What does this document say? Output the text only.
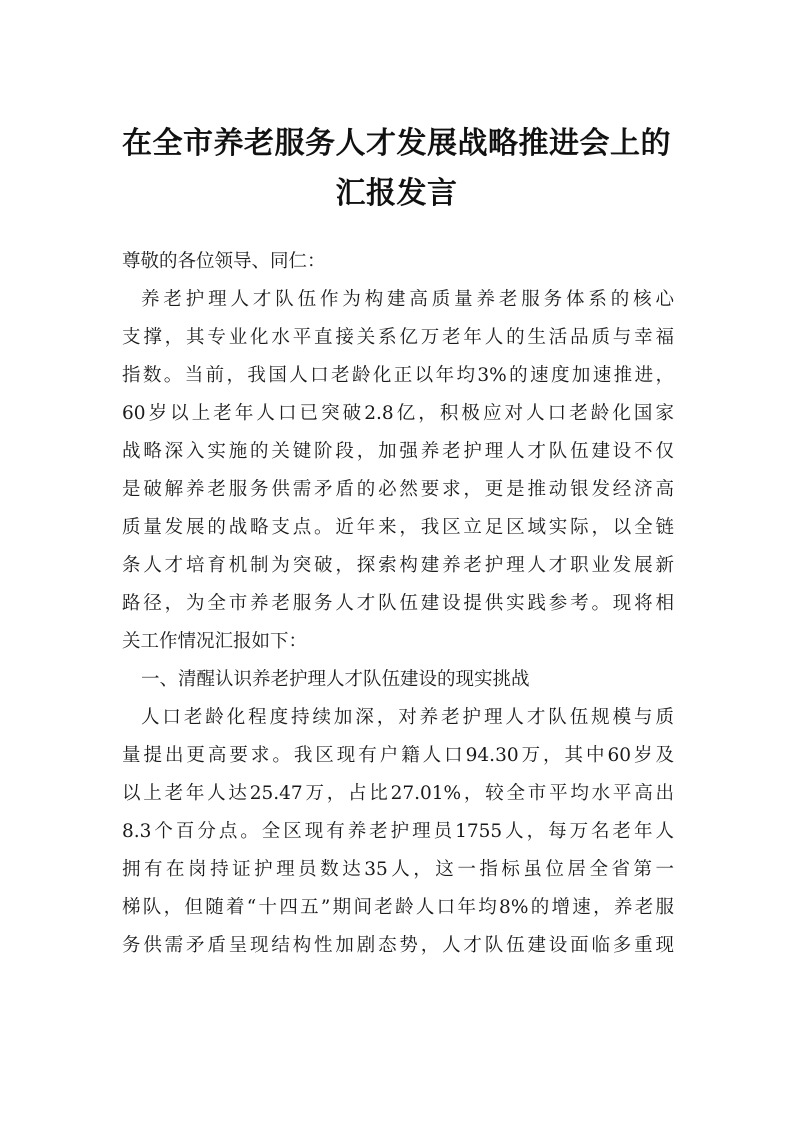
在全市养老服务人才发展战略推进会上的
汇报发言
尊敬的各位领导、同仁：
养老护理人才队伍作为构建高质量养老服务体系的核心
支撑，其专业化水平直接关系亿万老年人的生活品质与幸福
指数。当前，我国人口老龄化正以年均3%的速度加速推进，
60岁以上老年人口已突破2.8亿，积极应对人口老龄化国家
战略深入实施的关键阶段，加强养老护理人才队伍建设不仅
是破解养老服务供需矛盾的必然要求，更是推动银发经济高
质量发展的战略支点。近年来，我区立足区域实际，以全链
条人才培育机制为突破，探索构建养老护理人才职业发展新
路径，为全市养老服务人才队伍建设提供实践参考。现将相
关工作情况汇报如下：
一、清醒认识养老护理人才队伍建设的现实挑战
人口老龄化程度持续加深，对养老护理人才队伍规模与质
量提出更高要求。我区现有户籍人口94.30万，其中60岁及
以上老年人达25.47万，占比27.01%，较全市平均水平高出
8.3个百分点。全区现有养老护理员1755人，每万名老年人
拥有在岗持证护理员数达35人，这一指标虽位居全省第一
梯队，但随着“十四五”期间老龄人口年均8%的增速，养老服
务供需矛盾呈现结构性加剧态势，人才队伍建设面临多重现
